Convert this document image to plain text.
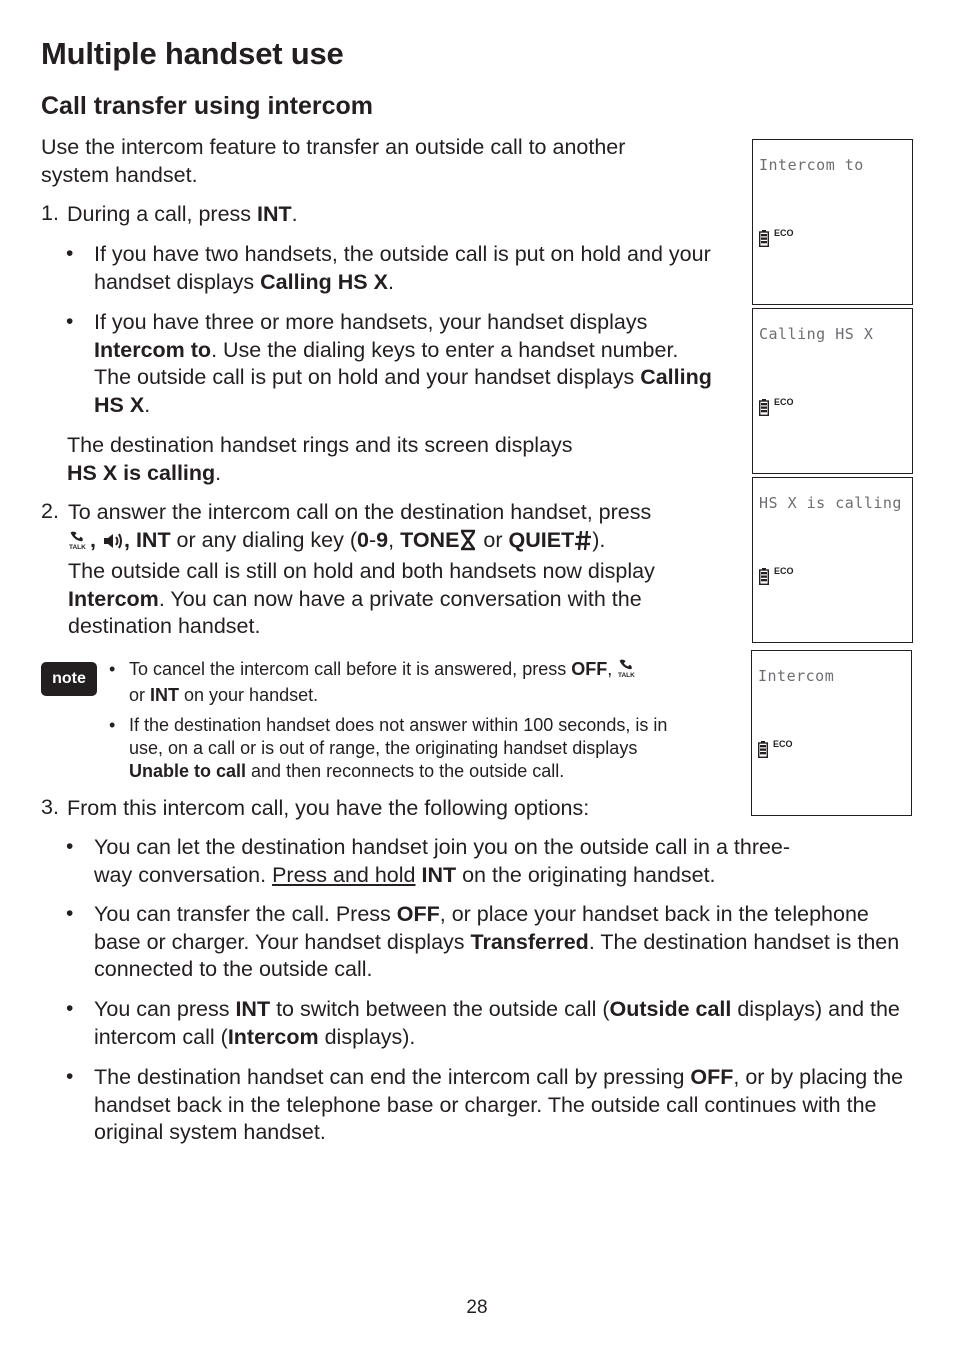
Multiple handset use
Call transfer using intercom
Use the intercom feature to transfer an outside call to another system handset.
1. During a call, press INT.
• If you have two handsets, the outside call is put on hold and your handset displays Calling HS X.
• If you have three or more handsets, your handset displays Intercom to. Use the dialing keys to enter a handset number. The outside call is put on hold and your handset displays Calling HS X.
The destination handset rings and its screen displays
HS X is calling.
2. To answer the intercom call on the destination handset, press

TALK , , INT or any dialing key (0-9, TONE or QUIET ).
The outside call is still on hold and both handsets now display Intercom. You can now have a private conversation with the destination handset.
note	• To cancel the intercom call before it is answered, press OFF, TALK

or INT on your handset.
• If the destination handset does not answer within 100 seconds, is in use, on a call or is out of range, the originating handset displays Unable to call and then reconnects to the outside call.
3. From this intercom call, you have the following options:
• You can let the destination handset join you on the outside call in a three-way conversation. Press and hold INT on the originating handset.
• You can transfer the call. Press OFF, or place your handset back in the telephone base or charger. Your handset displays Transferred. The destination handset is then connected to the outside call.
• You can press INT to switch between the outside call (Outside call displays) and the intercom call (Intercom displays).
• The destination handset can end the intercom call by pressing OFF, or by placing the handset back in the telephone base or charger. The outside call continues with the original system handset.
Intercom to
ECO
Calling HS X
ECO
HS X is calling
ECO
Intercom
ECO
28
